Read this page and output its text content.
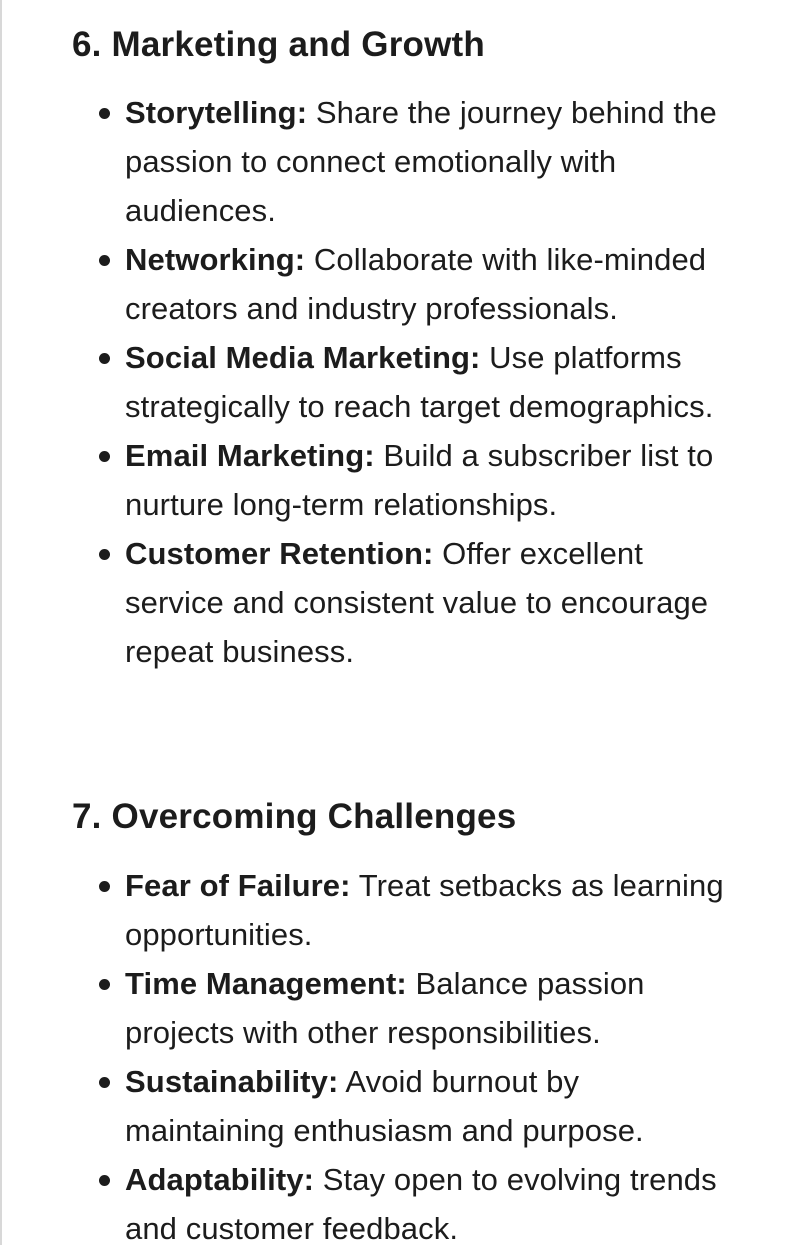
6. Marketing and Growth
Storytelling: Share the journey behind the passion to connect emotionally with audiences.
Networking: Collaborate with like-minded creators and industry professionals.
Social Media Marketing: Use platforms strategically to reach target demographics.
Email Marketing: Build a subscriber list to nurture long-term relationships.
Customer Retention: Offer excellent service and consistent value to encourage repeat business.
7. Overcoming Challenges
Fear of Failure: Treat setbacks as learning opportunities.
Time Management: Balance passion projects with other responsibilities.
Sustainability: Avoid burnout by maintaining enthusiasm and purpose.
Adaptability: Stay open to evolving trends and customer feedback.
